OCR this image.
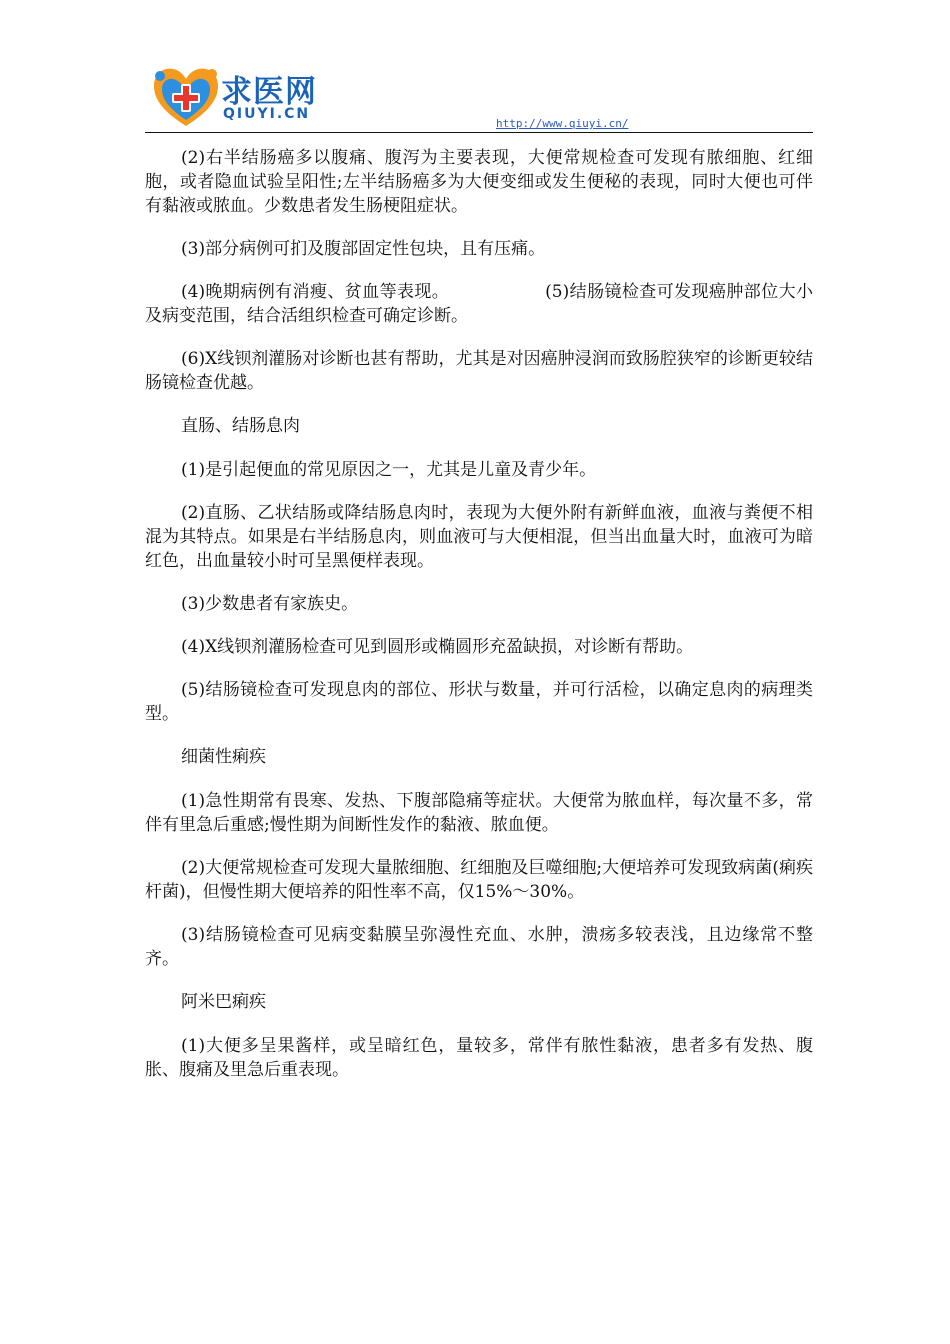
求医网
QIUYI.CN
http://www.qiuyi.cn/

(2)右半结肠癌多以腹痛、腹泻为主要表现，大便常规检查可发现有脓细胞、红细胞，或者隐血试验呈阳性;左半结肠癌多为大便变细或发生便秘的表现，同时大便也可伴有黏液或脓血。少数患者发生肠梗阻症状。

(3)部分病例可扪及腹部固定性包块，且有压痛。

(4)晚期病例有消瘦、贫血等表现。　　　　　　(5)结肠镜检查可发现癌肿部位大小及病变范围，结合活组织检查可确定诊断。

(6)X线钡剂灌肠对诊断也甚有帮助，尤其是对因癌肿浸润而致肠腔狭窄的诊断更较结肠镜检查优越。

直肠、结肠息肉

(1)是引起便血的常见原因之一，尤其是儿童及青少年。

(2)直肠、乙状结肠或降结肠息肉时，表现为大便外附有新鲜血液，血液与粪便不相混为其特点。如果是右半结肠息肉，则血液可与大便相混，但当出血量大时，血液可为暗红色，出血量较小时可呈黑便样表现。

(3)少数患者有家族史。

(4)X线钡剂灌肠检查可见到圆形或椭圆形充盈缺损，对诊断有帮助。

(5)结肠镜检查可发现息肉的部位、形状与数量，并可行活检，以确定息肉的病理类型。

细菌性痢疾

(1)急性期常有畏寒、发热、下腹部隐痛等症状。大便常为脓血样，每次量不多，常伴有里急后重感;慢性期为间断性发作的黏液、脓血便。

(2)大便常规检查可发现大量脓细胞、红细胞及巨噬细胞;大便培养可发现致病菌(痢疾杆菌)，但慢性期大便培养的阳性率不高，仅15%～30%。

(3)结肠镜检查可见病变黏膜呈弥漫性充血、水肿，溃疡多较表浅，且边缘常不整齐。

阿米巴痢疾

(1)大便多呈果酱样，或呈暗红色，量较多，常伴有脓性黏液，患者多有发热、腹胀、腹痛及里急后重表现。
